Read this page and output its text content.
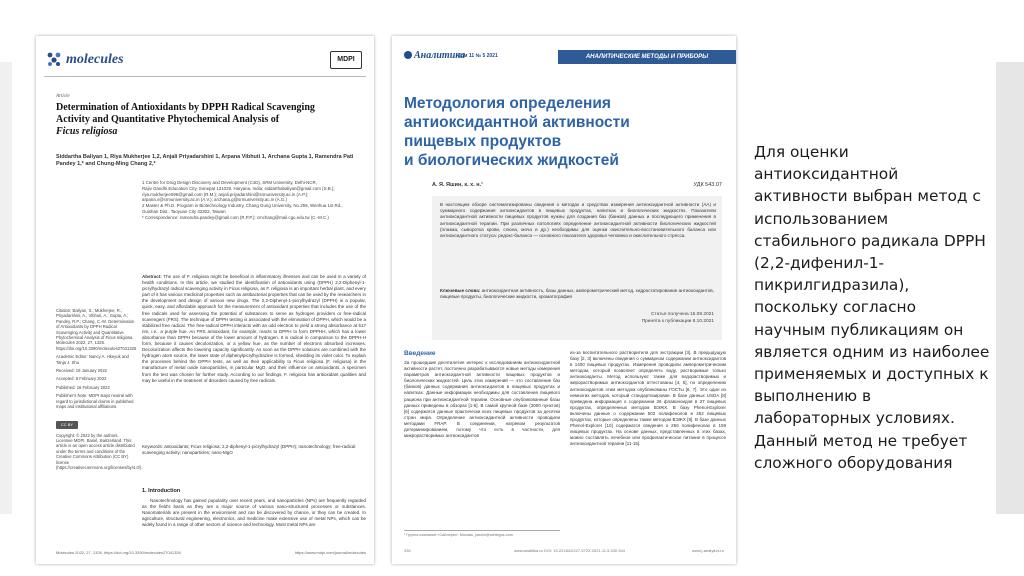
molecules	MDPI
Article
Determination of Antioxidants by DPPH Radical Scavenging
Activity and Quantitative Phytochemical Analysis of
Ficus religiosa

Siddartha Baliyan 1, Riya Mukherjee 1,2, Anjali Priyadarshini 1, Arpana Vibhuti 1, Archana Gupta 1, Ramendra Pati Pandey 1,* and Chung-Ming Chang 2,*

1 Centre for Drug Design Discovery and Development (C4D), SRM University, Delhi-NCR,
Rajiv Gandhi Education City, Sonepat 131029, Haryana, India; siddarthabaliyan@gmail.com (S.B.);
riya.mukherjee099@gmail.com (R.M.); anjali.priyadarshini@srmuniversity.ac.in (A.P.);
arpana.v@srmuniversity.ac.in (A.V.); archana.g@srmuniversity.ac.in (A.G.)
2 Master & Ph.D. Program in Biotechnology Industry, Chang Gung University, No.259, Wenhua 1st Rd.,
Guishan Dist., Taoyuan City 33302, Taiwan
* Correspondence: ramendra.pandey@gmail.com (R.P.P.); cmchang@mail.cgu.edu.tw (C.-M.C.)

Citation: Baliyan, S.; Mukherjee, R.; Priyadarshini, A.; Vibhuti, A.; Gupta, A.; Pandey, R.P.; Chang, C.-M. Determination of Antioxidants by DPPH Radical Scavenging Activity and Quantitative Phytochemical Analysis of Ficus religiosa. Molecules 2022, 27, 1326. https://doi.org/10.3390/molecules27041326

Academic Editor: Nancy A. Hkeyuk and Tanja J. Shu

Received: 19 January 2022

Accepted: 8 February 2022

Published: 16 February 2022

Publisher's Note: MDPI stays neutral with regard to jurisdictional claims in published maps and institutional affiliations.

CC BY

Copyright: © 2022 by the authors. Licensee MDPI, Basel, Switzerland. This article is an open access article distributed under the terms and conditions of the Creative Commons Attribution (CC BY) license (https://creativecommons.org/licenses/by/4.0/).

Abstract: The use of F. religiosa might be beneficial in inflammatory illnesses and can be used in a variety of health conditions. In this article, we studied the identification of antioxidants using (DPPH) 2,2-Diphenyl-1-picrylhydrazyl radical scavenging activity in Ficus religiosa, as F. religiosa is an important herbal plant, and every part of it has various medicinal properties such as antibacterial properties that can be used by the researchers in the development and design of various new drugs. The 2,2-Diphenyl-1-picrylhydrazyl (DPPH) is a popular, quick, easy, and affordable approach for the measurement of antioxidant properties that includes the use of the free radicals used for assessing the potential of substances to serve as hydrogen providers or free-radical scavengers (FRS). The technique of DPPH testing is associated with the elimination of DPPH, which would be a stabilized free radical. The free-radical DPPH interacts with an odd electron to yield a strong absorbance at 517 nm, i.e., a purple hue. An FRS antioxidant, for example, reacts to DPPH to form DPPHH, which has a lower absorbance than DPPH because of the lower amount of hydrogen. It is radical in comparison to the DPPH-H form, because it causes decolorization, or a yellow hue, as the number of electrons absorbed increases. Decolorization affects the lowering capacity significantly. As soon as the DPPH solutions are combined with the hydrogen atom source, the lower state of diphenylpicrylhydrazine is formed, shedding its violet color. To explain the processes behind the DPPH tests, as well as their applicability to Ficus religiosa (F. religiosa) in the manufacture of metal oxide nanoparticles, in particular MgO, and their influence on antioxidants, a specimen from the test was chosen for further study. According to our findings, F. religiosa has antioxidant qualities and may be useful in the treatment of disorders caused by free radicals.

Keywords: antioxidants; Ficus religiosa; 2,2-diphenyl-1-picrylhydrazyl (DPPH); nanotechnology; free-radical scavenging activity; nanoparticles; nano-MgO

1. Introduction

Nanotechnology has gained popularity over recent years, and nanoparticles (NPs) are frequently regarded as the field's basis as they are a major source of various nano-structured processes or substances. Nanomaterials are present in the environment and can be discovered by chance, or they can be created. In agriculture, structural engineering, electronics, and medicine make extensive use of metal NPs, which can be widely found in a range of other sectors of science and technology. Most metal NPs are

Molecules 2022, 27, 1326. https://doi.org/10.3390/molecules27041326	https://www.mdpi.com/journal/molecules
Аналитика
Том 11 № 5 2021	АНАЛИТИЧЕСКИЕ МЕТОДЫ И ПРИБОРЫ
Методология определения
антиоксидантной активности
пищевых продуктов
и биологических жидкостей
А. Я. Яшин, к. х. н.¹	УДК 543.07

В настоящем обзоре систематизированы сведения о методах и средствах измерения антиоксидантной активности (АА) и суммарного содержания антиоксидантов в пищевых продуктах, напитках и биологических жидкостях. Показатели антиоксидантной активности пищевых продуктов нужны для создания баз (банков) данных и последующего применения в антиоксидантной терапии. При различных патологиях определение антиоксидантной активности биологических жидкостей (плазма, сыворотка крови, слюна, моча и др.) необходимы для оценки окислительно-восстановительного баланса или антиоксидантного статуса: редокс-баланса — основного показателя здоровья человека и окислительного стресса.

Ключевые слова: антиоксидантная активность, базы данных, амперометрический метод, хидростатирование антиоксидантов, пищевые продукты, биологические жидкости, хроматография

Статья получена 15.08.2021
Принята к публикации 8.10.2021

Введение

За прошедшие десятилетия интерес к исследованиям антиоксидантной активности растет, постоянно разрабатываются новые методы измерения параметров антиоксидантной активности пищевых продуктов и биологических жидкостей. Цель этих измерений — это составление баз (банков) данных содержания антиоксидантов в пищевых продуктах и напитках. Данные информации необходимы для составления пищевого рациона при антиоксидантной терапии. Основные опубликованные базы данных приведены в обзорах [1-6]. В самой крупной базе (3000 пунктов) [6] содержатся данные практически всех пищевых продуктов за десятки стран мира. Определение антиоксидантной активности проводили методами FRAP. В соединении, нагревом результатов детерминированием, потому что есть в частности, для микрорастворимых антиоксидантов

из-за воспитательного растворителя для экстракции [3]. В предыдущую базу [2, 3] включены сведения о суммарном содержании антиоксидантов в 1400 пищевых продуктах. Измерения проводили амперометрическим методом, который позволяет определять воду, растворимые только антиоксиданты. Метод используют также для водорастворимых и жирорастворимых антиоксидантов аттестованы [4, 5], по определению антиоксидантов этим методом опубликованы ГОСТы [6, 7]. Это один из немногих методов, который стандартизирован. В базе данных USDA [8] приведена информация о содержании 26 флавоноидов в 27 пищевых продуктах, определенных методом ВЭЖХ. В базу Phenol-Explorer включены данные о содержании 502 полифенолов в 452 пищевых продуктах, которые определены также методом ВЭЖХ [9]. В базе данных Phenol-Explorer [10] содержатся сведения о 256 полифенолах в 159 пищевых продуктах. На основе данных, представленных в этих базах, можно составлять лечебное или профилактическое питание в процессе антиоксидантной терапии [11-15].

¹ Группа компаний «Сайлерм», Москва, yashin@sshlegus.com

330	www.analitika.ru DOI: 10.22184/2227-572X.2021.11.5.330.344	www.j-analytics.ru

Для оценки антиоксидантной активности выбран метод с использованием стабильного радикала DPPH (2,2-дифенил-1-пикрилгидразила), поскольку согласно научным публикациям он является одним из наиболее применяемых и доступных к выполнению в лабораторных условиях.
Данный метод не требует сложного оборудования
